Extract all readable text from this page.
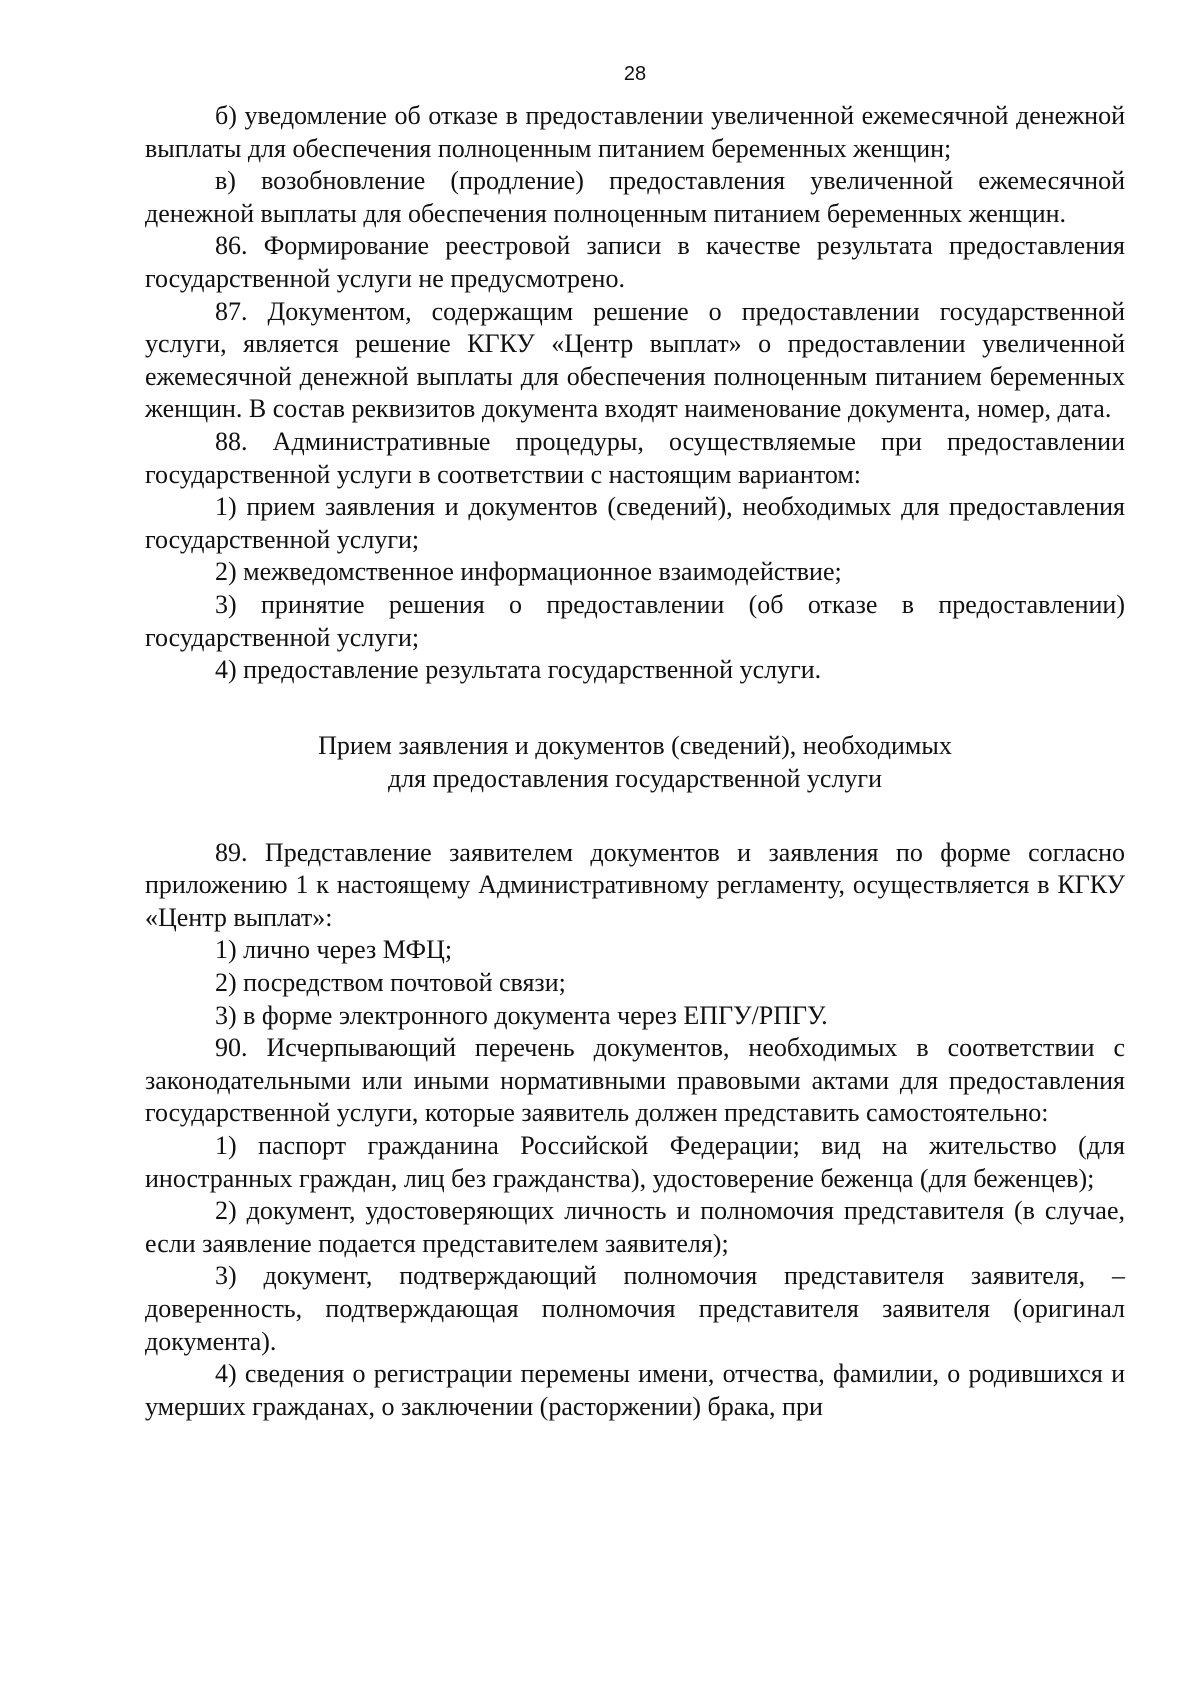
28

б) уведомление об отказе в предоставлении увеличенной ежемесячной денежной выплаты для обеспечения полноценным питанием беременных женщин;

в) возобновление (продление) предоставления увеличенной ежемесячной денежной выплаты для обеспечения полноценным питанием беременных женщин.

86. Формирование реестровой записи в качестве результата предоставления государственной услуги не предусмотрено.

87. Документом, содержащим решение о предоставлении государственной услуги, является решение КГКУ «Центр выплат» о предоставлении увеличенной ежемесячной денежной выплаты для обеспечения полноценным питанием беременных женщин. В состав реквизитов документа входят наименование документа, номер, дата.

88. Административные процедуры, осуществляемые при предоставлении государственной услуги в соответствии с настоящим вариантом:

1) прием заявления и документов (сведений), необходимых для предоставления государственной услуги;

2) межведомственное информационное взаимодействие;

3) принятие решения о предоставлении (об отказе в предоставлении) государственной услуги;

4) предоставление результата государственной услуги.

Прием заявления и документов (сведений), необходимых
для предоставления государственной услуги

89. Представление заявителем документов и заявления по форме согласно приложению 1 к настоящему Административному регламенту, осуществляется в КГКУ «Центр выплат»:

1) лично через МФЦ;

2) посредством почтовой связи;

3) в форме электронного документа через ЕПГУ/РПГУ.

90. Исчерпывающий перечень документов, необходимых в соответствии с законодательными или иными нормативными правовыми актами для предоставления государственной услуги, которые заявитель должен представить самостоятельно:

1) паспорт гражданина Российской Федерации; вид на жительство (для иностранных граждан, лиц без гражданства), удостоверение беженца (для беженцев);

2) документ, удостоверяющих личность и полномочия представителя (в случае, если заявление подается представителем заявителя);

3) документ, подтверждающий полномочия представителя заявителя, – доверенность, подтверждающая полномочия представителя заявителя (оригинал документа).

4) сведения о регистрации перемены имени, отчества, фамилии, о родившихся и умерших гражданах, о заключении (расторжении) брака, при
